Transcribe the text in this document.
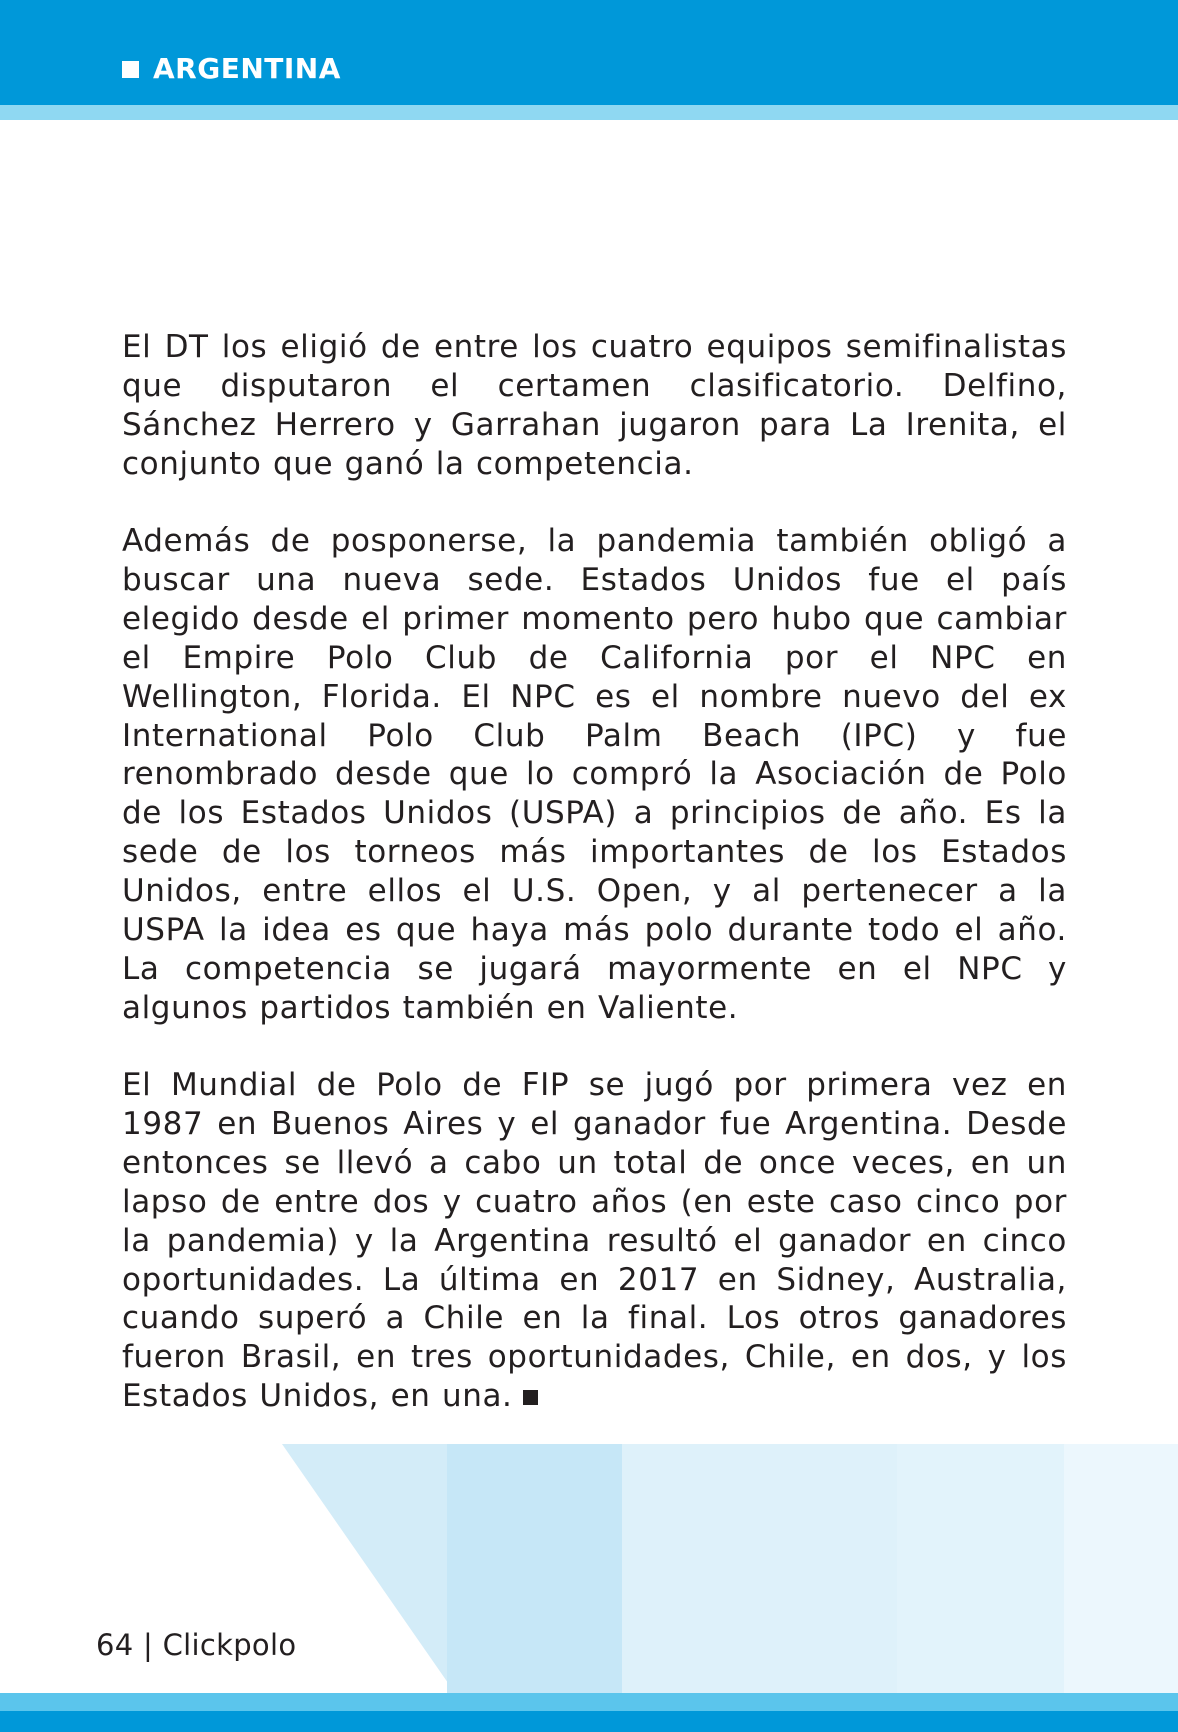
ARGENTINA

El DT los eligió de entre los cuatro equipos semifinalistas que disputaron el certamen clasificatorio. Delfino, Sánchez Herrero y Garrahan jugaron para La Irenita, el conjunto que ganó la competencia.

Además de posponerse, la pandemia también obligó a buscar una nueva sede. Estados Unidos fue el país elegido desde el primer momento pero hubo que cambiar el Empire Polo Club de California por el NPC en Wellington, Florida. El NPC es el nombre nuevo del ex International Polo Club Palm Beach (IPC) y fue renombrado desde que lo compró la Asociación de Polo de los Estados Unidos (USPA) a principios de año. Es la sede de los torneos más importantes de los Estados Unidos, entre ellos el U.S. Open, y al pertenecer a la USPA la idea es que haya más polo durante todo el año. La competencia se jugará mayormente en el NPC y algunos partidos también en Valiente.

El Mundial de Polo de FIP se jugó por primera vez en 1987 en Buenos Aires y el ganador fue Argentina. Desde entonces se llevó a cabo un total de once veces, en un lapso de entre dos y cuatro años (en este caso cinco por la pandemia) y la Argentina resultó el ganador en cinco oportunidades. La última en 2017 en Sidney, Australia, cuando superó a Chile en la final. Los otros ganadores fueron Brasil, en tres oportunidades, Chile, en dos, y los Estados Unidos, en una.

64 | Clickpolo
